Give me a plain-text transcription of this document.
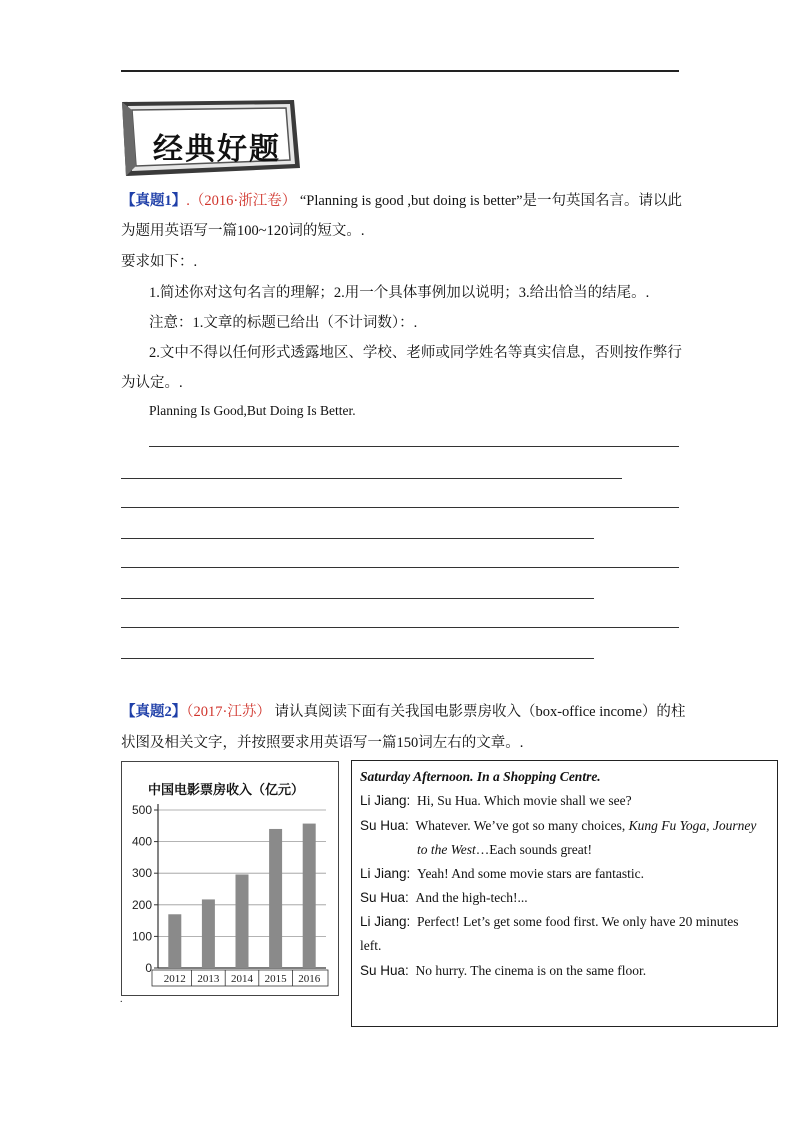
经典好题
【真题1】.（2016·浙江卷） “Planning is good ,but doing is better”是一句英国名言。请以此
为题用英语写一篇100~120词的短文。.
要求如下：.
1.简述你对这句名言的理解；2.用一个具体事例加以说明；3.给出恰当的结尾。.
注意：1.文章的标题已给出（不计词数）：.
2.文中不得以任何形式透露地区、学校、老师或同学姓名等真实信息，否则按作弊行
为认定。.
Planning Is Good,But Doing Is Better.
【真题2】（2017·江苏） 请认真阅读下面有关我国电影票房收入（box-office income）的柱
状图及相关文字，并按照要求用英语写一篇150词左右的文章。.
中国电影票房收入（亿元）
0
100
200
300
400
500
2012 2013 2014 2015 2016
.
Saturday Afternoon. In a Shopping Centre.
Li Jiang: Hi, Su Hua. Which movie shall we see?
Su Hua: Whatever. We’ve got so many choices, Kung Fu Yoga, Journey
to the West…Each sounds great!
Li Jiang: Yeah! And some movie stars are fantastic.
Su Hua: And the high-tech!...
Li Jiang: Perfect! Let’s get some food first. We only have 20 minutes
left.
Su Hua: No hurry. The cinema is on the same floor.
